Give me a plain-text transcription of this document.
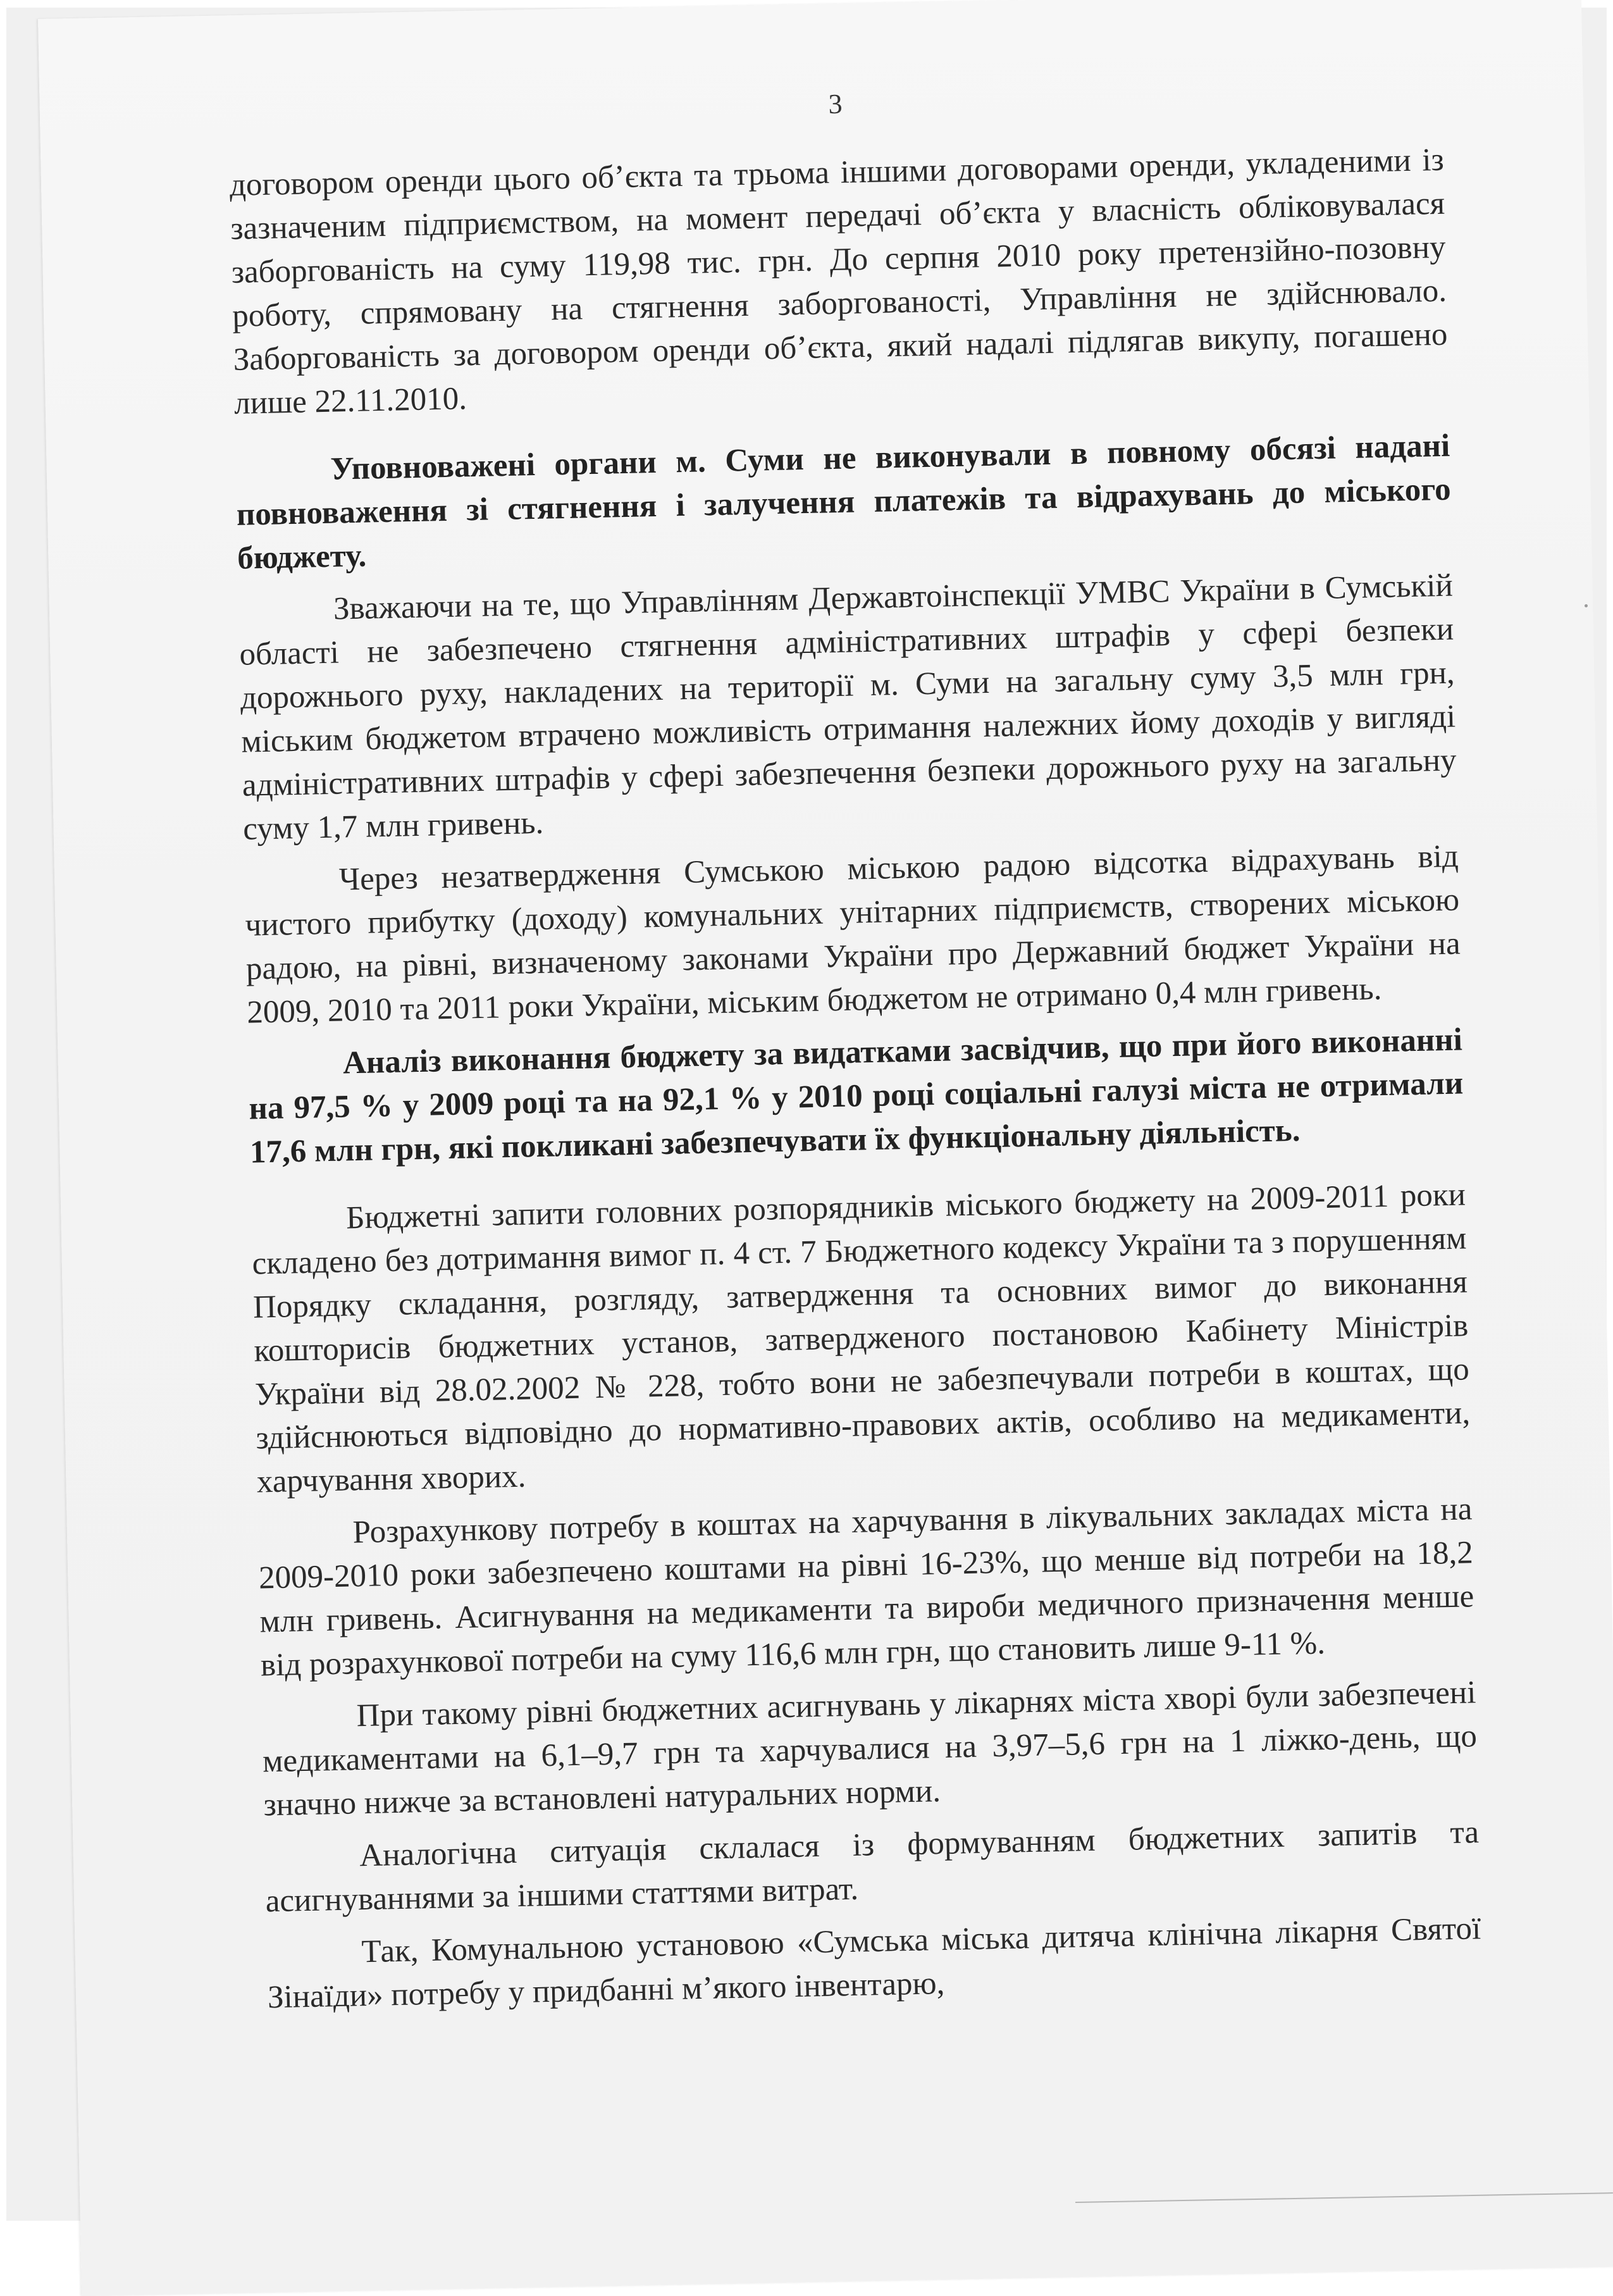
3

договором оренди цього об’єкта та трьома іншими договорами оренди, укладеними із зазначеним підприємством, на момент передачі об’єкта у власність обліковувалася заборгованість на суму 119,98 тис. грн. До серпня 2010 року претензійно-позовну роботу, спрямовану на стягнення заборгованості, Управління не здійснювало. Заборгованість за договором оренди об’єкта, який надалі підлягав викупу, погашено лише 22.11.2010.

Уповноважені органи м. Суми не виконували в повному обсязі надані повноваження зі стягнення і залучення платежів та відрахувань до міського бюджету.

Зважаючи на те, що Управлінням Державтоінспекції УМВС України в Сумській області не забезпечено стягнення адміністративних штрафів у сфері безпеки дорожнього руху, накладених на території м. Суми на загальну суму 3,5 млн грн, міським бюджетом втрачено можливість отримання належних йому доходів у вигляді адміністративних штрафів у сфері забезпечення безпеки дорожнього руху на загальну суму 1,7 млн гривень.

Через незатвердження Сумською міською радою відсотка відрахувань від чистого прибутку (доходу) комунальних унітарних підприємств, створених міською радою, на рівні, визначеному законами України про Державний бюджет України на 2009, 2010 та 2011 роки України, міським бюджетом не отримано 0,4 млн гривень.

Аналіз виконання бюджету за видатками засвідчив, що при його виконанні на 97,5 % у 2009 році та на 92,1 % у 2010 році соціальні галузі міста не отримали 17,6 млн грн, які покликані забезпечувати їх функціональну діяльність.

Бюджетні запити головних розпорядників міського бюджету на 2009-2011 роки складено без дотримання вимог п. 4 ст. 7 Бюджетного кодексу України та з порушенням Порядку складання, розгляду, затвердження та основних вимог до виконання кошторисів бюджетних установ, затвердженого постановою Кабінету Міністрів України від 28.02.2002 № 228, тобто вони не забезпечували потреби в коштах, що здійснюються відповідно до нормативно-правових актів, особливо на медикаменти, харчування хворих.

Розрахункову потребу в коштах на харчування в лікувальних закладах міста на 2009-2010 роки забезпечено коштами на рівні 16-23%, що менше від потреби на 18,2 млн гривень. Асигнування на медикаменти та вироби медичного призначення менше від розрахункової потреби на суму 116,6 млн грн, що становить лише 9-11 %.

При такому рівні бюджетних асигнувань у лікарнях міста хворі були забезпечені медикаментами на 6,1–9,7 грн та харчувалися на 3,97–5,6 грн на 1 ліжко-день, що значно нижче за встановлені натуральних норми.

Аналогічна ситуація склалася із формуванням бюджетних запитів та асигнуваннями за іншими статтями витрат.

Так, Комунальною установою «Сумська міська дитяча клінічна лікарня Святої Зінаїди» потребу у придбанні м’якого інвентарю,
